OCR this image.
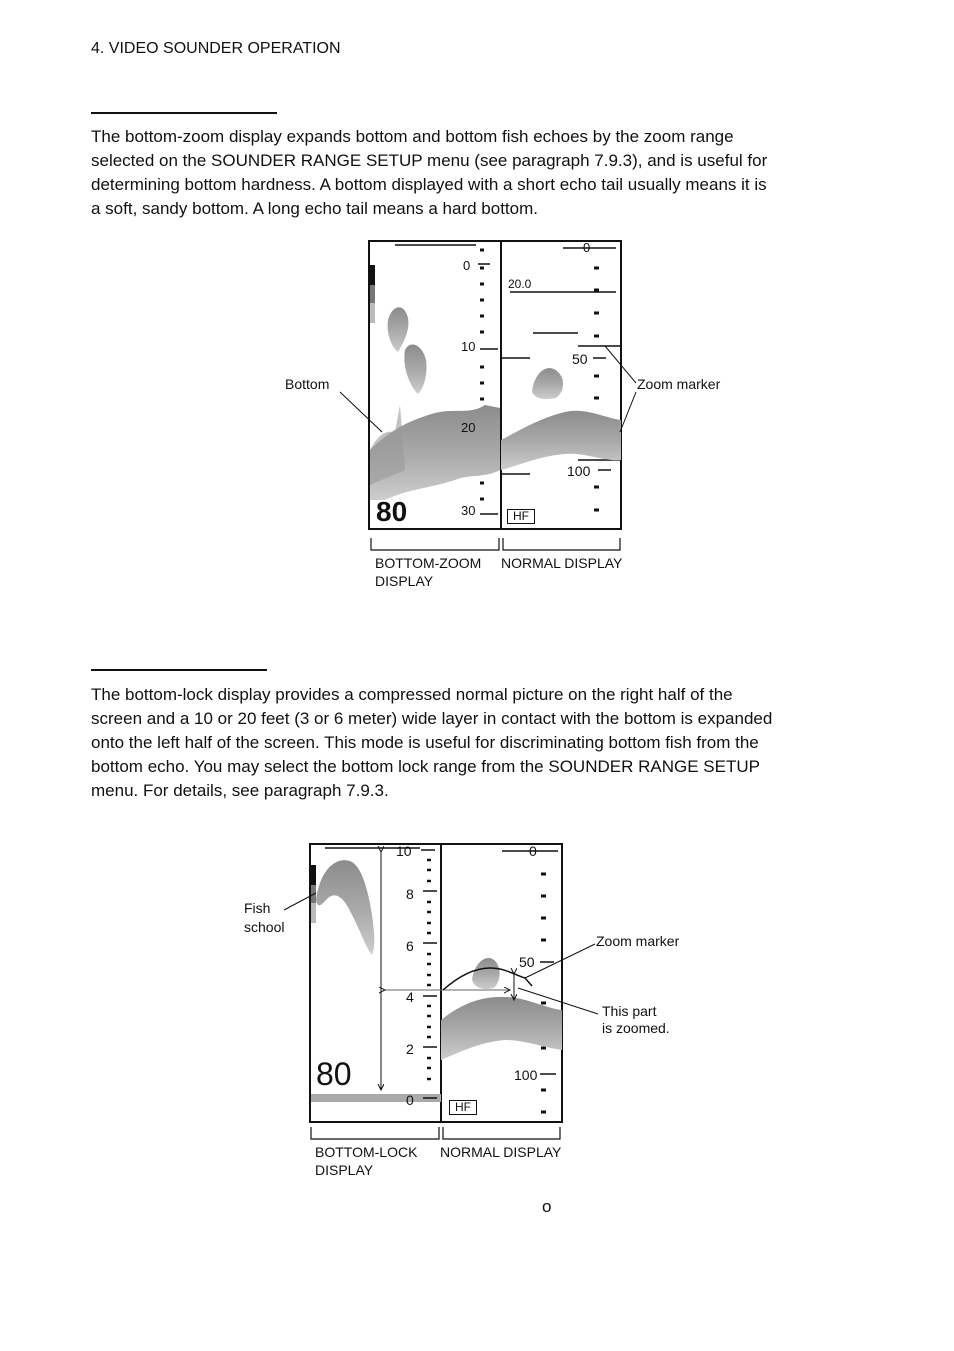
4. VIDEO SOUNDER OPERATION

The bottom-zoom display expands bottom and bottom fish echoes by the zoom range

selected on the SOUNDER RANGE SETUP menu (see paragraph 7.9.3), and is useful for

determining bottom hardness. A bottom displayed with a short echo tail usually means it is

a soft, sandy bottom. A long echo tail means a hard bottom.

0
10
20
30
0
50
100
20.0
80	HF
Bottom	Zoom marker
BOTTOM-ZOOM
DISPLAY
NORMAL DISPLAY

The bottom-lock display provides a compressed normal picture on the right half of the

screen and a 10 or 20 feet (3 or 6 meter) wide layer in contact with the bottom is expanded

onto the left half of the screen. This mode is useful for discriminating bottom fish from the

bottom echo. You may select the bottom lock range from the SOUNDER RANGE SETUP

menu. For details, see paragraph 7.9.3.

10
8
6
4
2
0
0
50
100
80
HF
Fish
school
Zoom marker
This part
is zoomed.
BOTTOM-LOCK
DISPLAY
NORMAL DISPLAY
o
